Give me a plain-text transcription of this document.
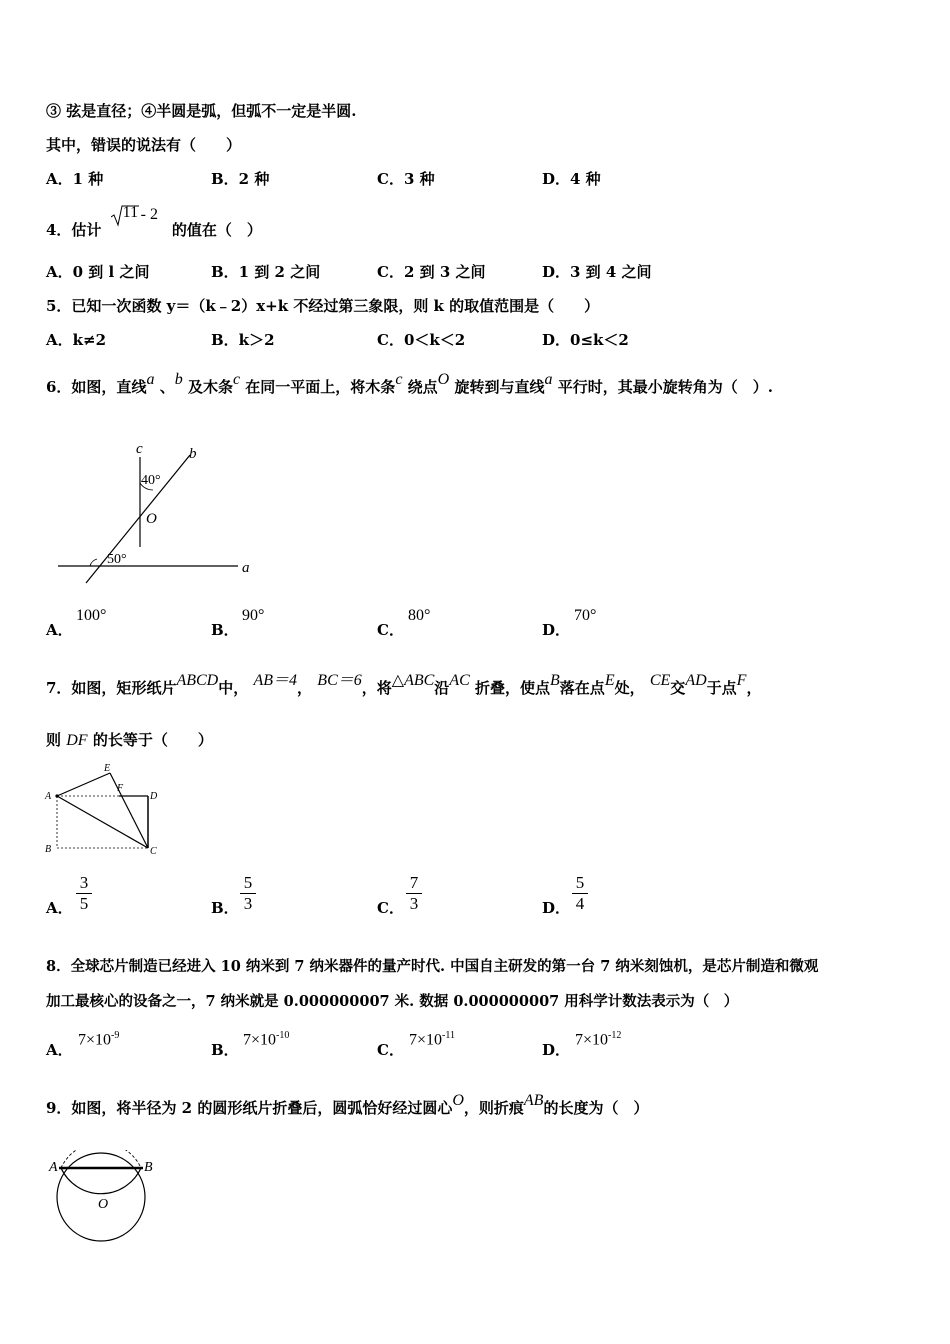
③ 弦是直径；④半圆是弧，但弧不一定是半圆.
其中，错误的说法有（　　）
A．1 种	B．2 种	C．3 种	D．4 种
4．估计
11 - 2
的值在（　）
A．0 到 l 之间	B．1 到 2 之间	C．2 到 3 之间	D．3 到 4 之间
5．已知一次函数 y＝（k﹣2）x+k 不经过第三象限，则 k 的取值范围是（　　）
A．k≠2	B．k＞2	C．0＜k＜2	D．0≤k＜2
6．如图，直线a 、b 及木条c 在同一平面上，将木条c 绕点O 旋转到与直线a 平行时，其最小旋转角为（　）.
c	b
a
O
40°
50°
A．
100°
B．
90°
C．
80°
D．
70°
7．如图，矩形纸片ABCD中， AB＝4， BC＝6，将△ABC沿AC 折叠，使点B落在点E处， CE交AD于点F，
则 DF 的长等于（　　）
A
B	C
D
E
F
A． $\frac{3}{5}$	B． $\frac{5}{3}$	C． $\frac{7}{3}$	D． $\frac{5}{4}$
8．全球芯片制造已经进入 10 纳米到 7 纳米器件的量产时代. 中国自主研发的第一台 7 纳米刻蚀机，是芯片制造和微观
加工最核心的设备之一，7 纳米就是 0.000000007 米. 数据 0.000000007 用科学计数法表示为（　）
A．
$7\times 10^{-9}$
B．
$7\times 10^{-10}$
C．
$7\times 10^{-11}$
D．
$7\times 10^{-12}$
9．如图，将半径为 2 的圆形纸片折叠后，圆弧恰好经过圆心O，则折痕AB的长度为（　）
A	B
O
